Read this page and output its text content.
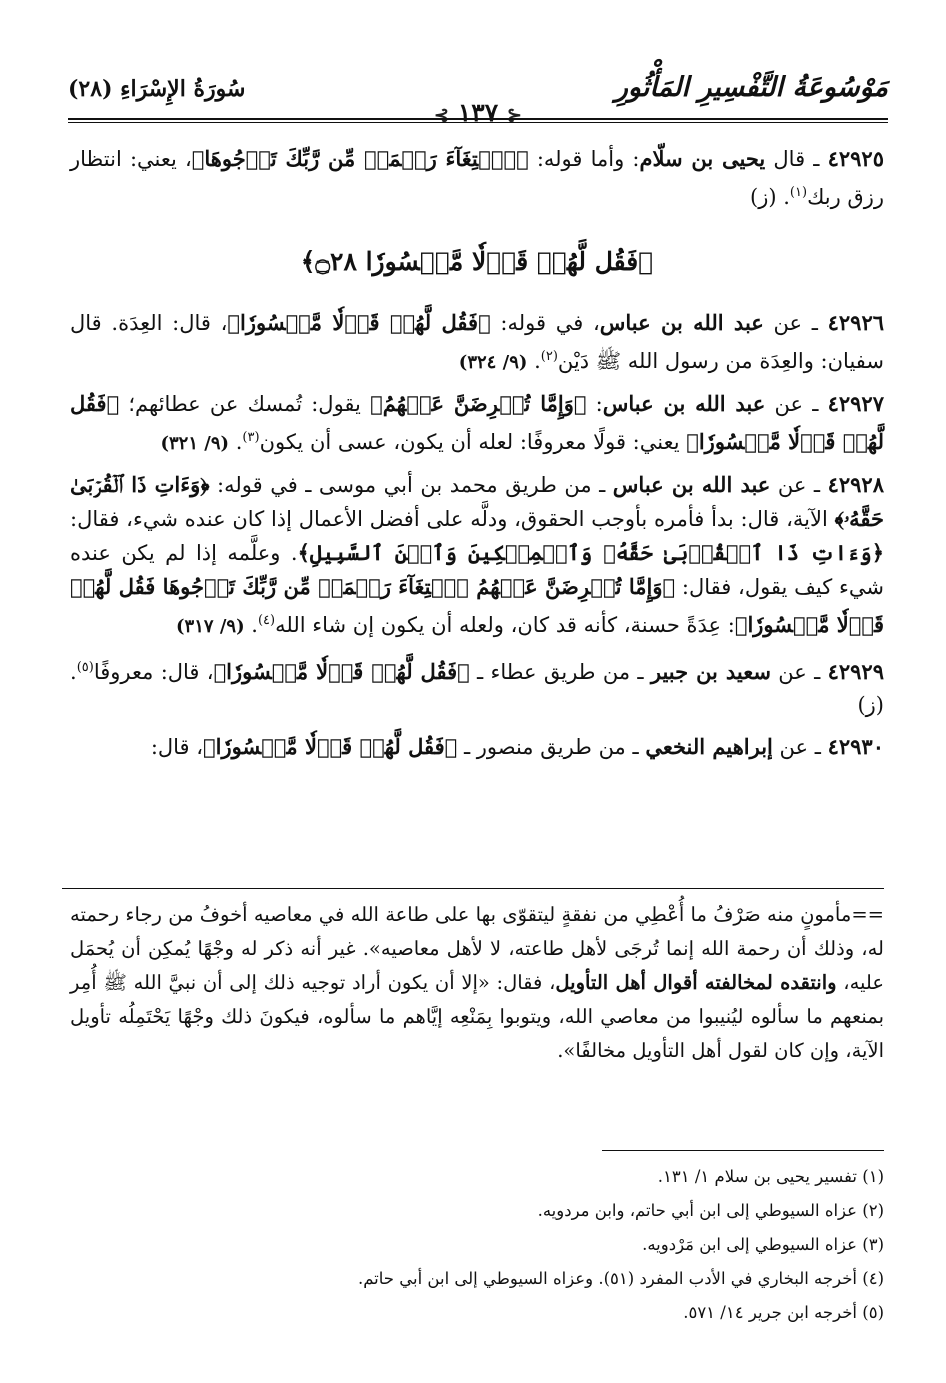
سُورَةُ الإِسْرَاءِ (٢٨)	مَوْسُوعَةُ التَّفْسِيرِ المَأْثُورِ
⊰ ١٣٧ ⊱

٤٢٩٢٥ ـ قال يحيى بن سلّام: وأما قوله: ﴿ٱبۡتِغَآءَ رَحۡمَةٖ مِّن رَّبِّكَ تَرۡجُوهَا﴾، يعني: انتظار رزق ربك$^{(١)}$. (ز)

﴿فَقُل لَّهُمۡ قَوۡلٗا مَّيۡسُورٗا ۝٢٨﴾

٤٢٩٢٦ ـ عن عبد الله بن عباس، في قوله: ﴿فَقُل لَّهُمۡ قَوۡلٗا مَّيۡسُورٗا﴾، قال: العِدَة. قال سفيان: والعِدَة من رسول الله ﷺ دَيْن$^{(٢)}$. (٩/ ٣٢٤)

٤٢٩٢٧ ـ عن عبد الله بن عباس: ﴿وَإِمَّا تُعۡرِضَنَّ عَنۡهُمُ﴾ يقول: تُمسك عن عطائهم؛ ﴿فَقُل لَّهُمۡ قَوۡلٗا مَّيۡسُورٗا﴾ يعني: قولًا معروفًا: لعله أن يكون، عسى أن يكون$^{(٣)}$. (٩/ ٣٢١)

٤٢٩٢٨ ـ عن عبد الله بن عباس ـ من طريق محمد بن أبي موسى ـ في قوله: ﴿وَءَاتِ ذَا ٱلۡقُرۡبَىٰ حَقَّهُۥ﴾ الآية، قال: بدأ فأمره بأوجب الحقوق، ودلَّه على أفضل الأعمال إذا كان عنده شيء، فقال: ﴿وَءَاتِ ذَا ٱلۡقُرۡبَىٰ حَقَّهُۥ وَٱلۡمِسۡكِينَ وَٱبۡنَ ٱلسَّبِيلِ﴾. وعلَّمه إذا لم يكن عنده شيء كيف يقول، فقال: ﴿وَإِمَّا تُعۡرِضَنَّ عَنۡهُمُ ٱبۡتِغَآءَ رَحۡمَةٖ مِّن رَّبِّكَ تَرۡجُوهَا فَقُل لَّهُمۡ قَوۡلٗا مَّيۡسُورٗا﴾: عِدَةً حسنة، كأنه قد كان، ولعله أن يكون إن شاء الله$^{(٤)}$. (٩/ ٣١٧)

٤٢٩٢٩ ـ عن سعيد بن جبير ـ من طريق عطاء ـ ﴿فَقُل لَّهُمۡ قَوۡلٗا مَّيۡسُورٗا﴾، قال: معروفًا$^{(٥)}$. (ز)

٤٢٩٣٠ ـ عن إبراهيم النخعي ـ من طريق منصور ـ ﴿فَقُل لَّهُمۡ قَوۡلٗا مَّيۡسُورٗا﴾، قال:

==مأمونٍ منه صَرْفُ ما أُعْطِي من نفقةٍ ليتقوّى بها على طاعة الله في معاصيه أخوفُ من رجاء رحمته له، وذلك أن رحمة الله إنما تُرجَى لأهل طاعته، لا لأهل معاصيه». غير أنه ذكر له وجْهًا يُمكِن أن يُحمَل عليه، وانتقده لمخالفته أقوال أهل التأويل، فقال: «إلا أن يكون أراد توجيه ذلك إلى أن نبيَّ الله ﷺ أُمِر بمنعهم ما سألوه ليُنيبوا من معاصي الله، ويتوبوا بِمَنْعِه إيَّاهم ما سألوه، فيكونَ ذلك وجْهًا يَحْتَمِلُه تأويل الآية، وإن كان لقول أهل التأويل مخالفًا».
(١) تفسير يحيى بن سلام ١/ ١٣١.
(٢) عزاه السيوطي إلى ابن أبي حاتم، وابن مردويه.
(٣) عزاه السيوطي إلى ابن مَرْدويه.
(٤) أخرجه البخاري في الأدب المفرد (٥١). وعزاه السيوطي إلى ابن أبي حاتم.
(٥) أخرجه ابن جرير ١٤/ ٥٧١.
